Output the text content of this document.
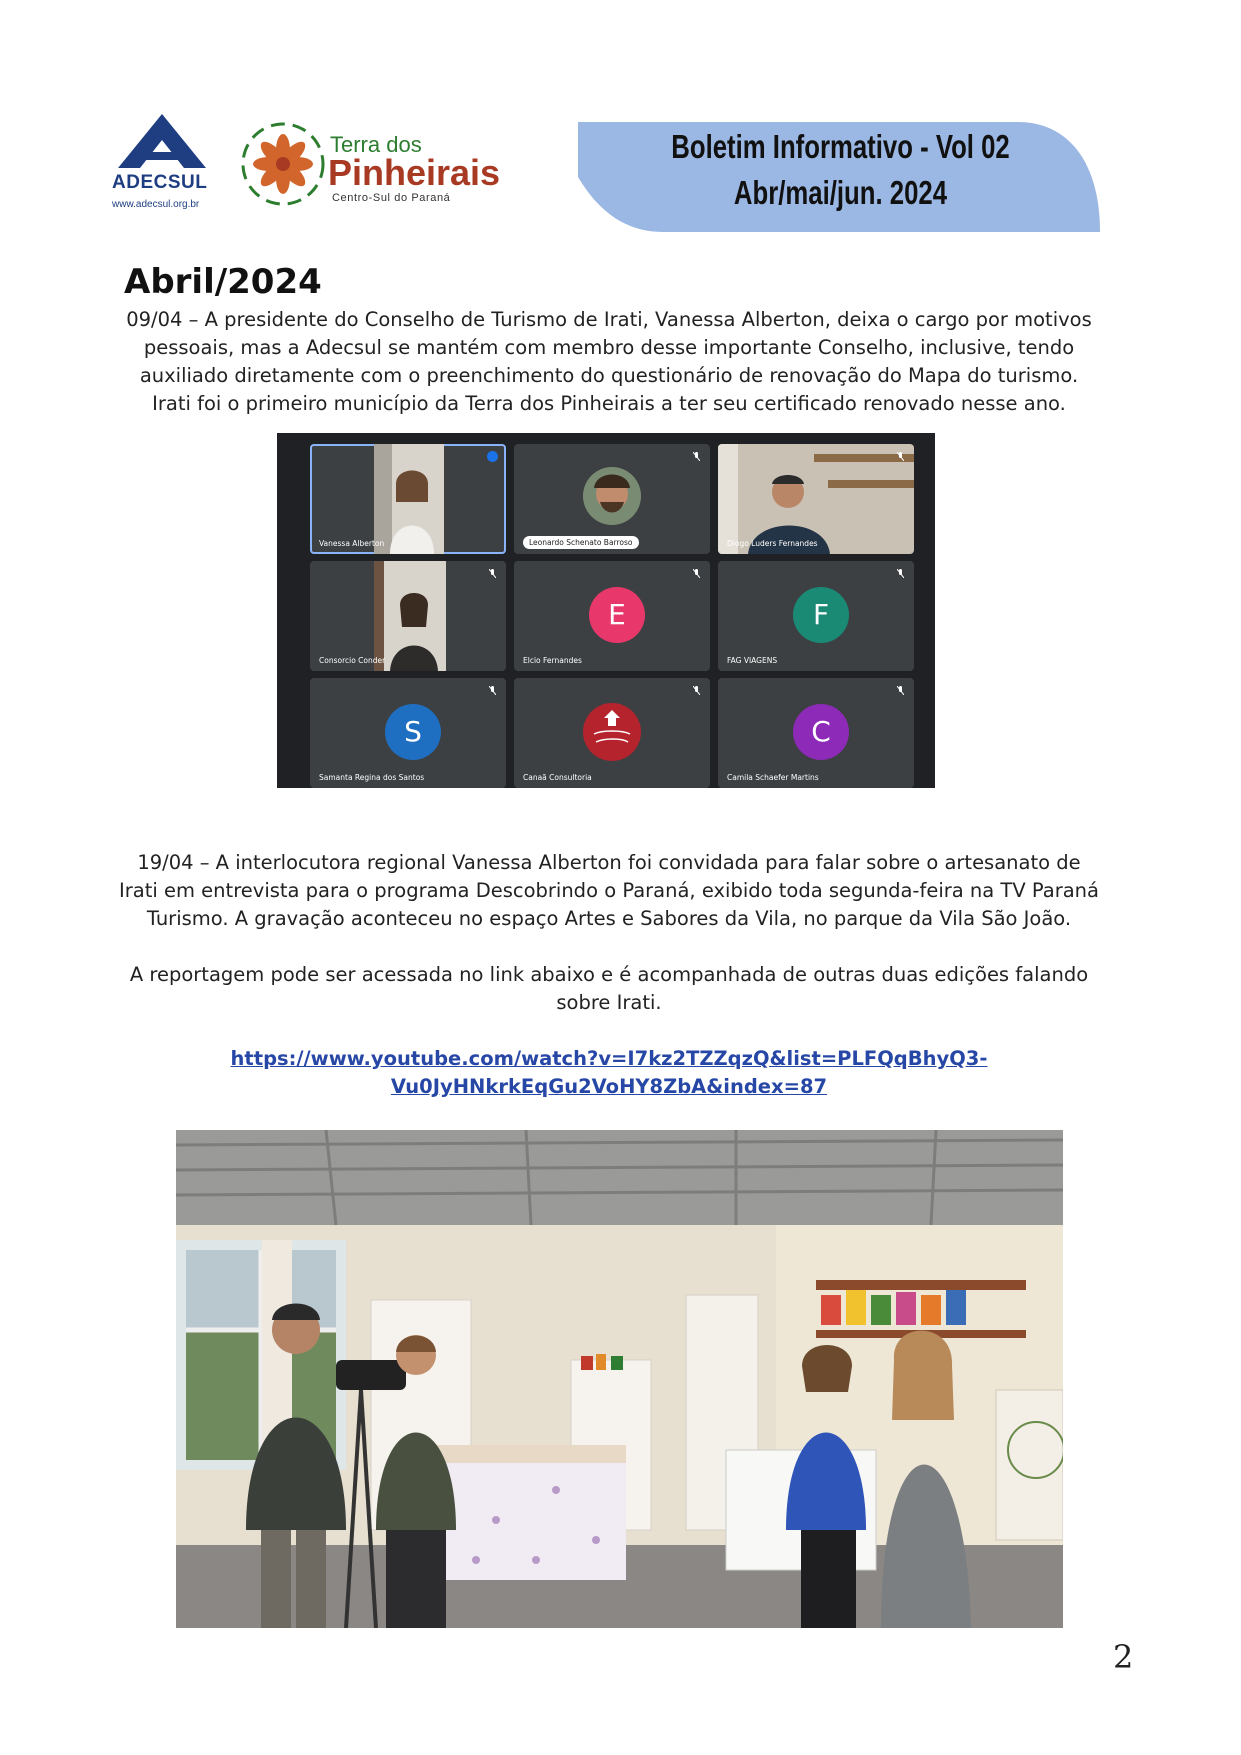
ADECSUL
www.adecsul.org.br
Terra dos
Pinheirais
Centro-Sul do Paraná
Boletim Informativo - Vol 02
Abr/mai/jun. 2024
Abril/2024
09/04 – A presidente do Conselho de Turismo de Irati, Vanessa Alberton, deixa o cargo por motivos
pessoais, mas a Adecsul se mantém com membro desse importante Conselho, inclusive, tendo
auxiliado diretamente com o preenchimento do questionário de renovação do Mapa do turismo.
Irati foi o primeiro município da Terra dos Pinheirais a ter seu certificado renovado nesse ano.
Vanessa Alberton	Leonardo Schenato Barroso	Diogo Luders Fernandes
Consorcio Conder
E
Elcio Fernandes
F
FAG VIAGENS
S
Samanta Regina dos Santos	Canaã Consultoria
C
Camila Schaefer Martins
19/04 – A interlocutora regional Vanessa Alberton foi convidada para falar sobre o artesanato de
Irati em entrevista para o programa Descobrindo o Paraná, exibido toda segunda-feira na TV Paraná
Turismo. A gravação aconteceu no espaço Artes e Sabores da Vila, no parque da Vila São João.
A reportagem pode ser acessada no link abaixo e é acompanhada de outras duas edições falando
sobre Irati.
https://www.youtube.com/watch?v=I7kz2TZZqzQ&list=PLFQqBhyQ3-
Vu0JyHNkrkEqGu2VoHY8ZbA&index=87
2
